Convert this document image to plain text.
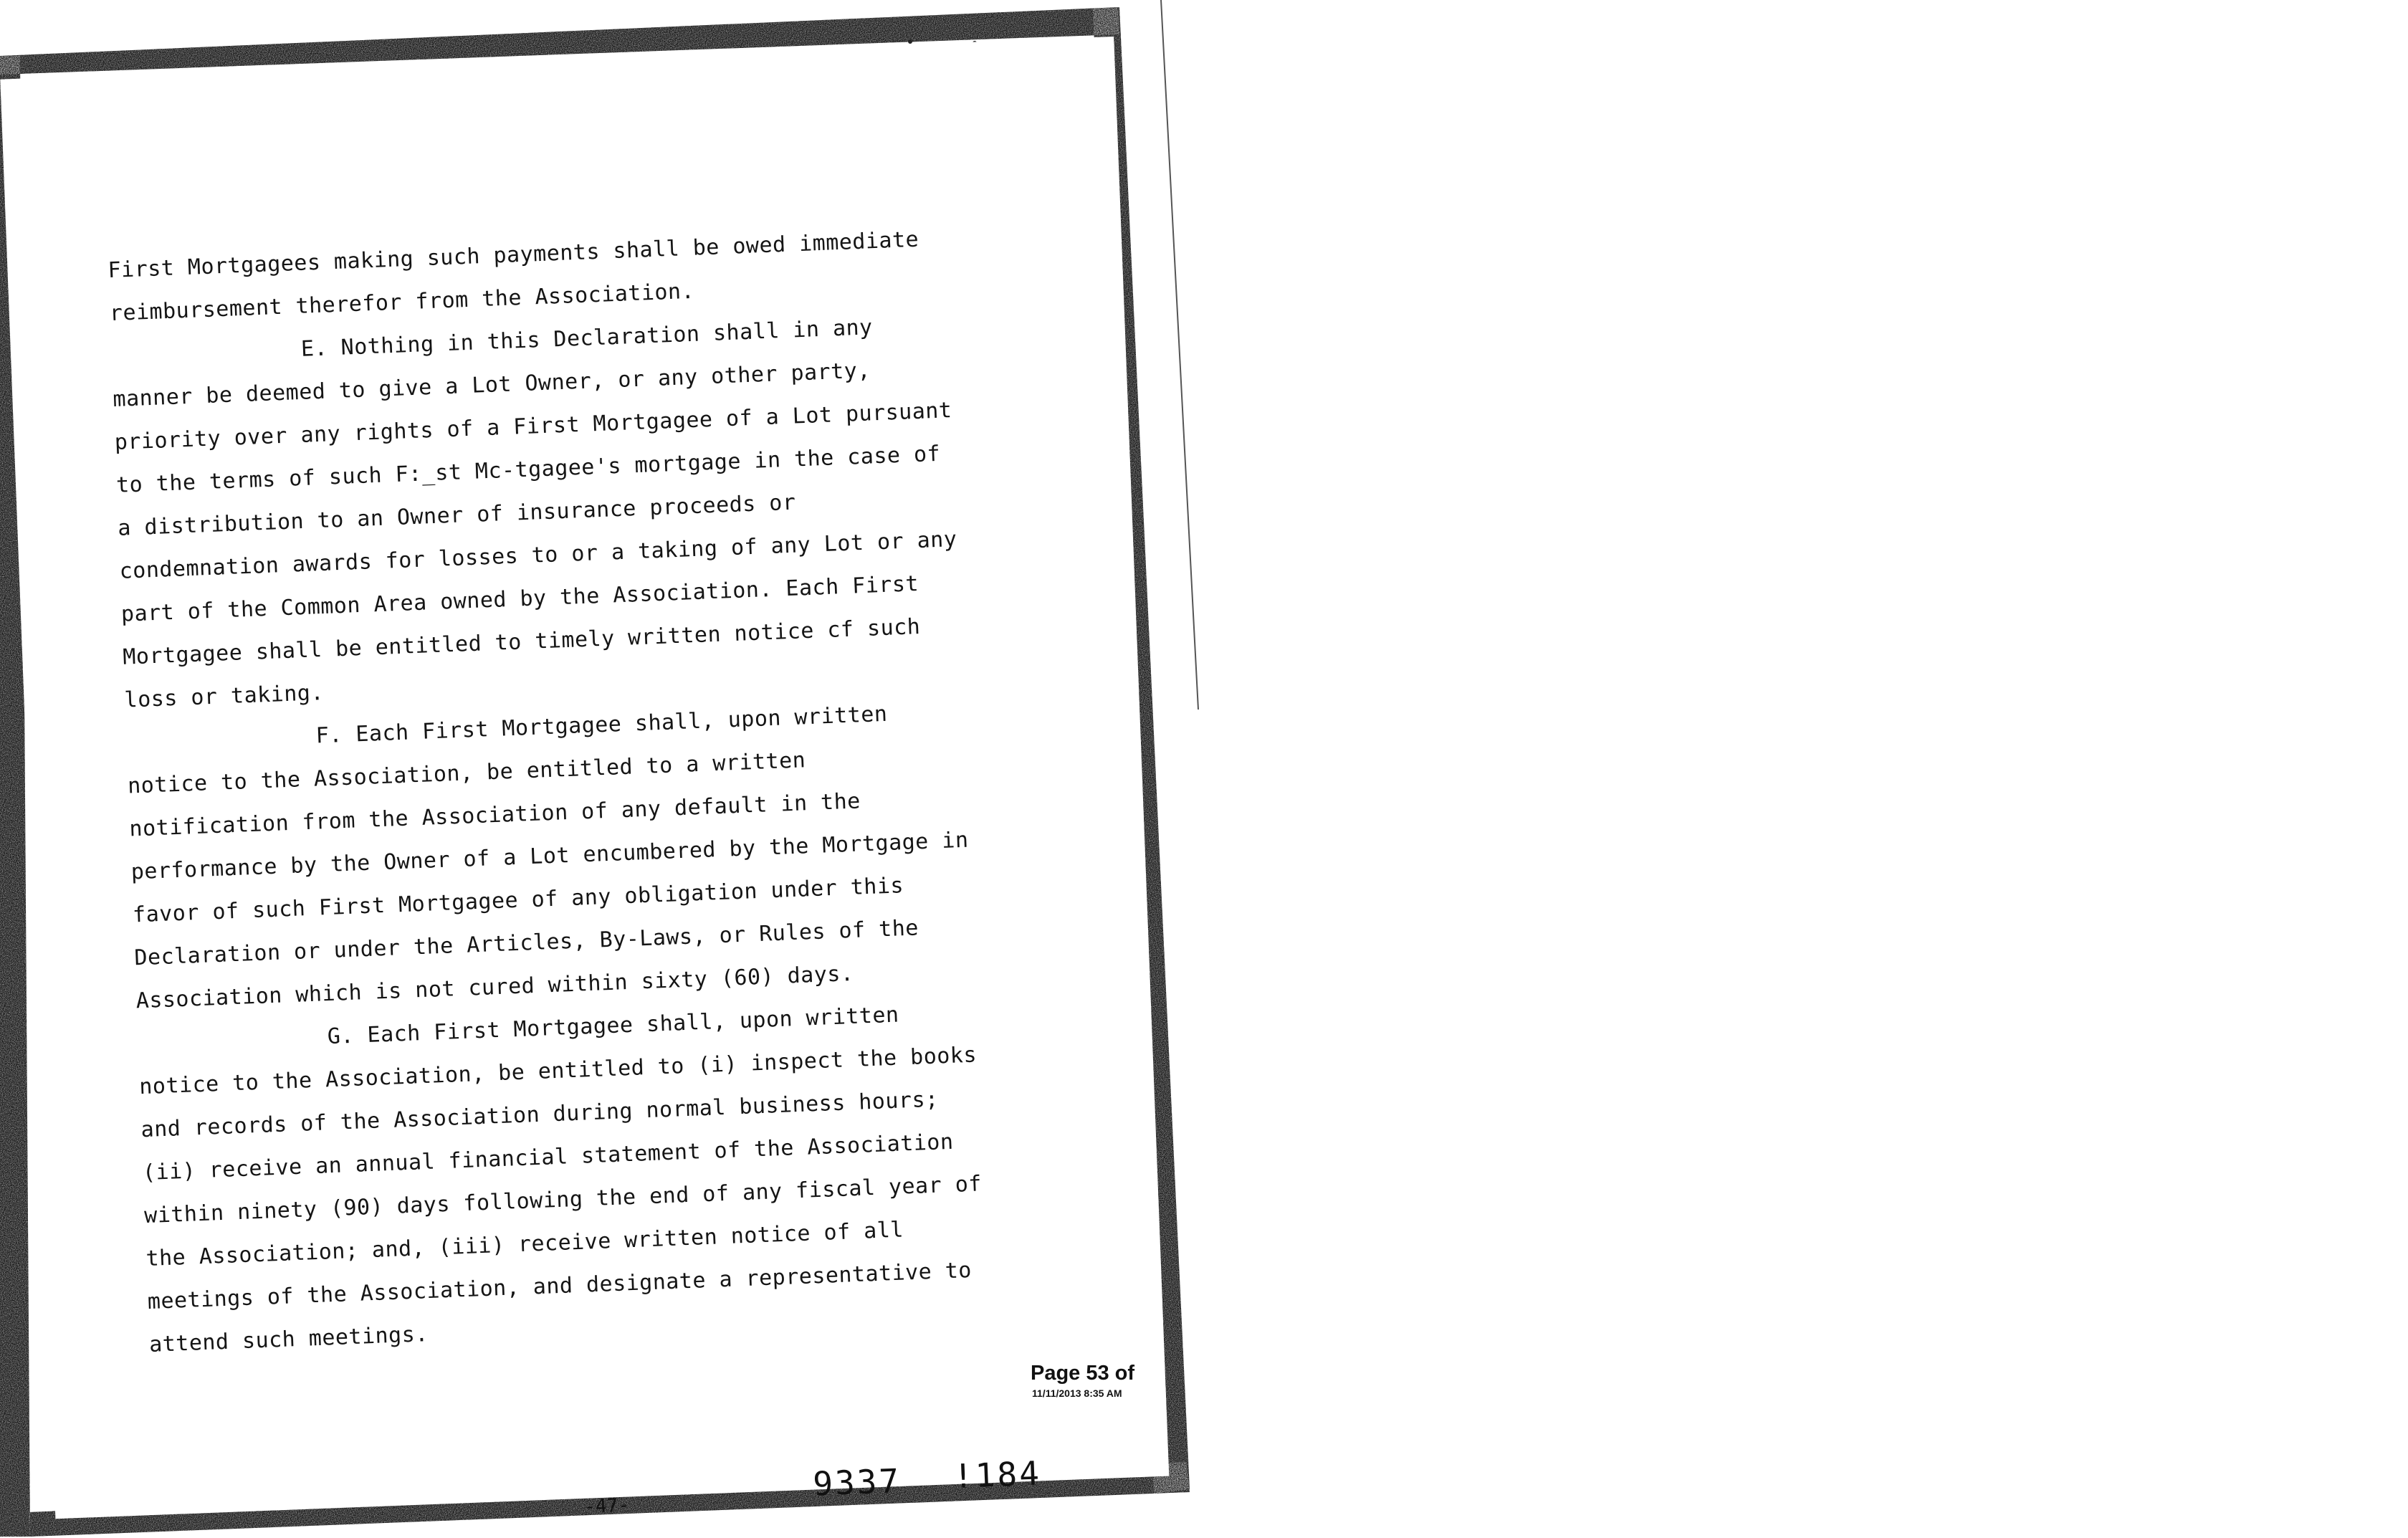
First Mortgagees making such payments shall be owed immediate
reimbursement therefor from the Association.
E. Nothing in this Declaration shall in any
manner be deemed to give a Lot Owner, or any other party,
priority over any rights of a First Mortgagee of a Lot pursuant
to the terms of such F:_st Mc-tgagee's mortgage in the case of
a distribution to an Owner of insurance proceeds or
condemnation awards for losses to or a taking of any Lot or any
part of the Common Area owned by the Association. Each First
Mortgagee shall be entitled to timely written notice cf such
loss or taking.
F. Each First Mortgagee shall, upon written
notice to the Association, be entitled to a written
notification from the Association of any default in the
performance by the Owner of a Lot encumbered by the Mortgage in
favor of such First Mortgagee of any obligation under this
Declaration or under the Articles, By-Laws, or Rules of the
Association which is not cured within sixty (60) days.
G. Each First Mortgagee shall, upon written
notice to the Association, be entitled to (i) inspect the books
and records of the Association during normal business hours;
(ii) receive an annual financial statement of the Association
within ninety (90) days following the end of any fiscal year of
the Association; and, (iii) receive written notice of all
meetings of the Association, and designate a representative to
attend such meetings.
-47-
9337 !184
Page 53 of
11/11/2013 8:35 AM
